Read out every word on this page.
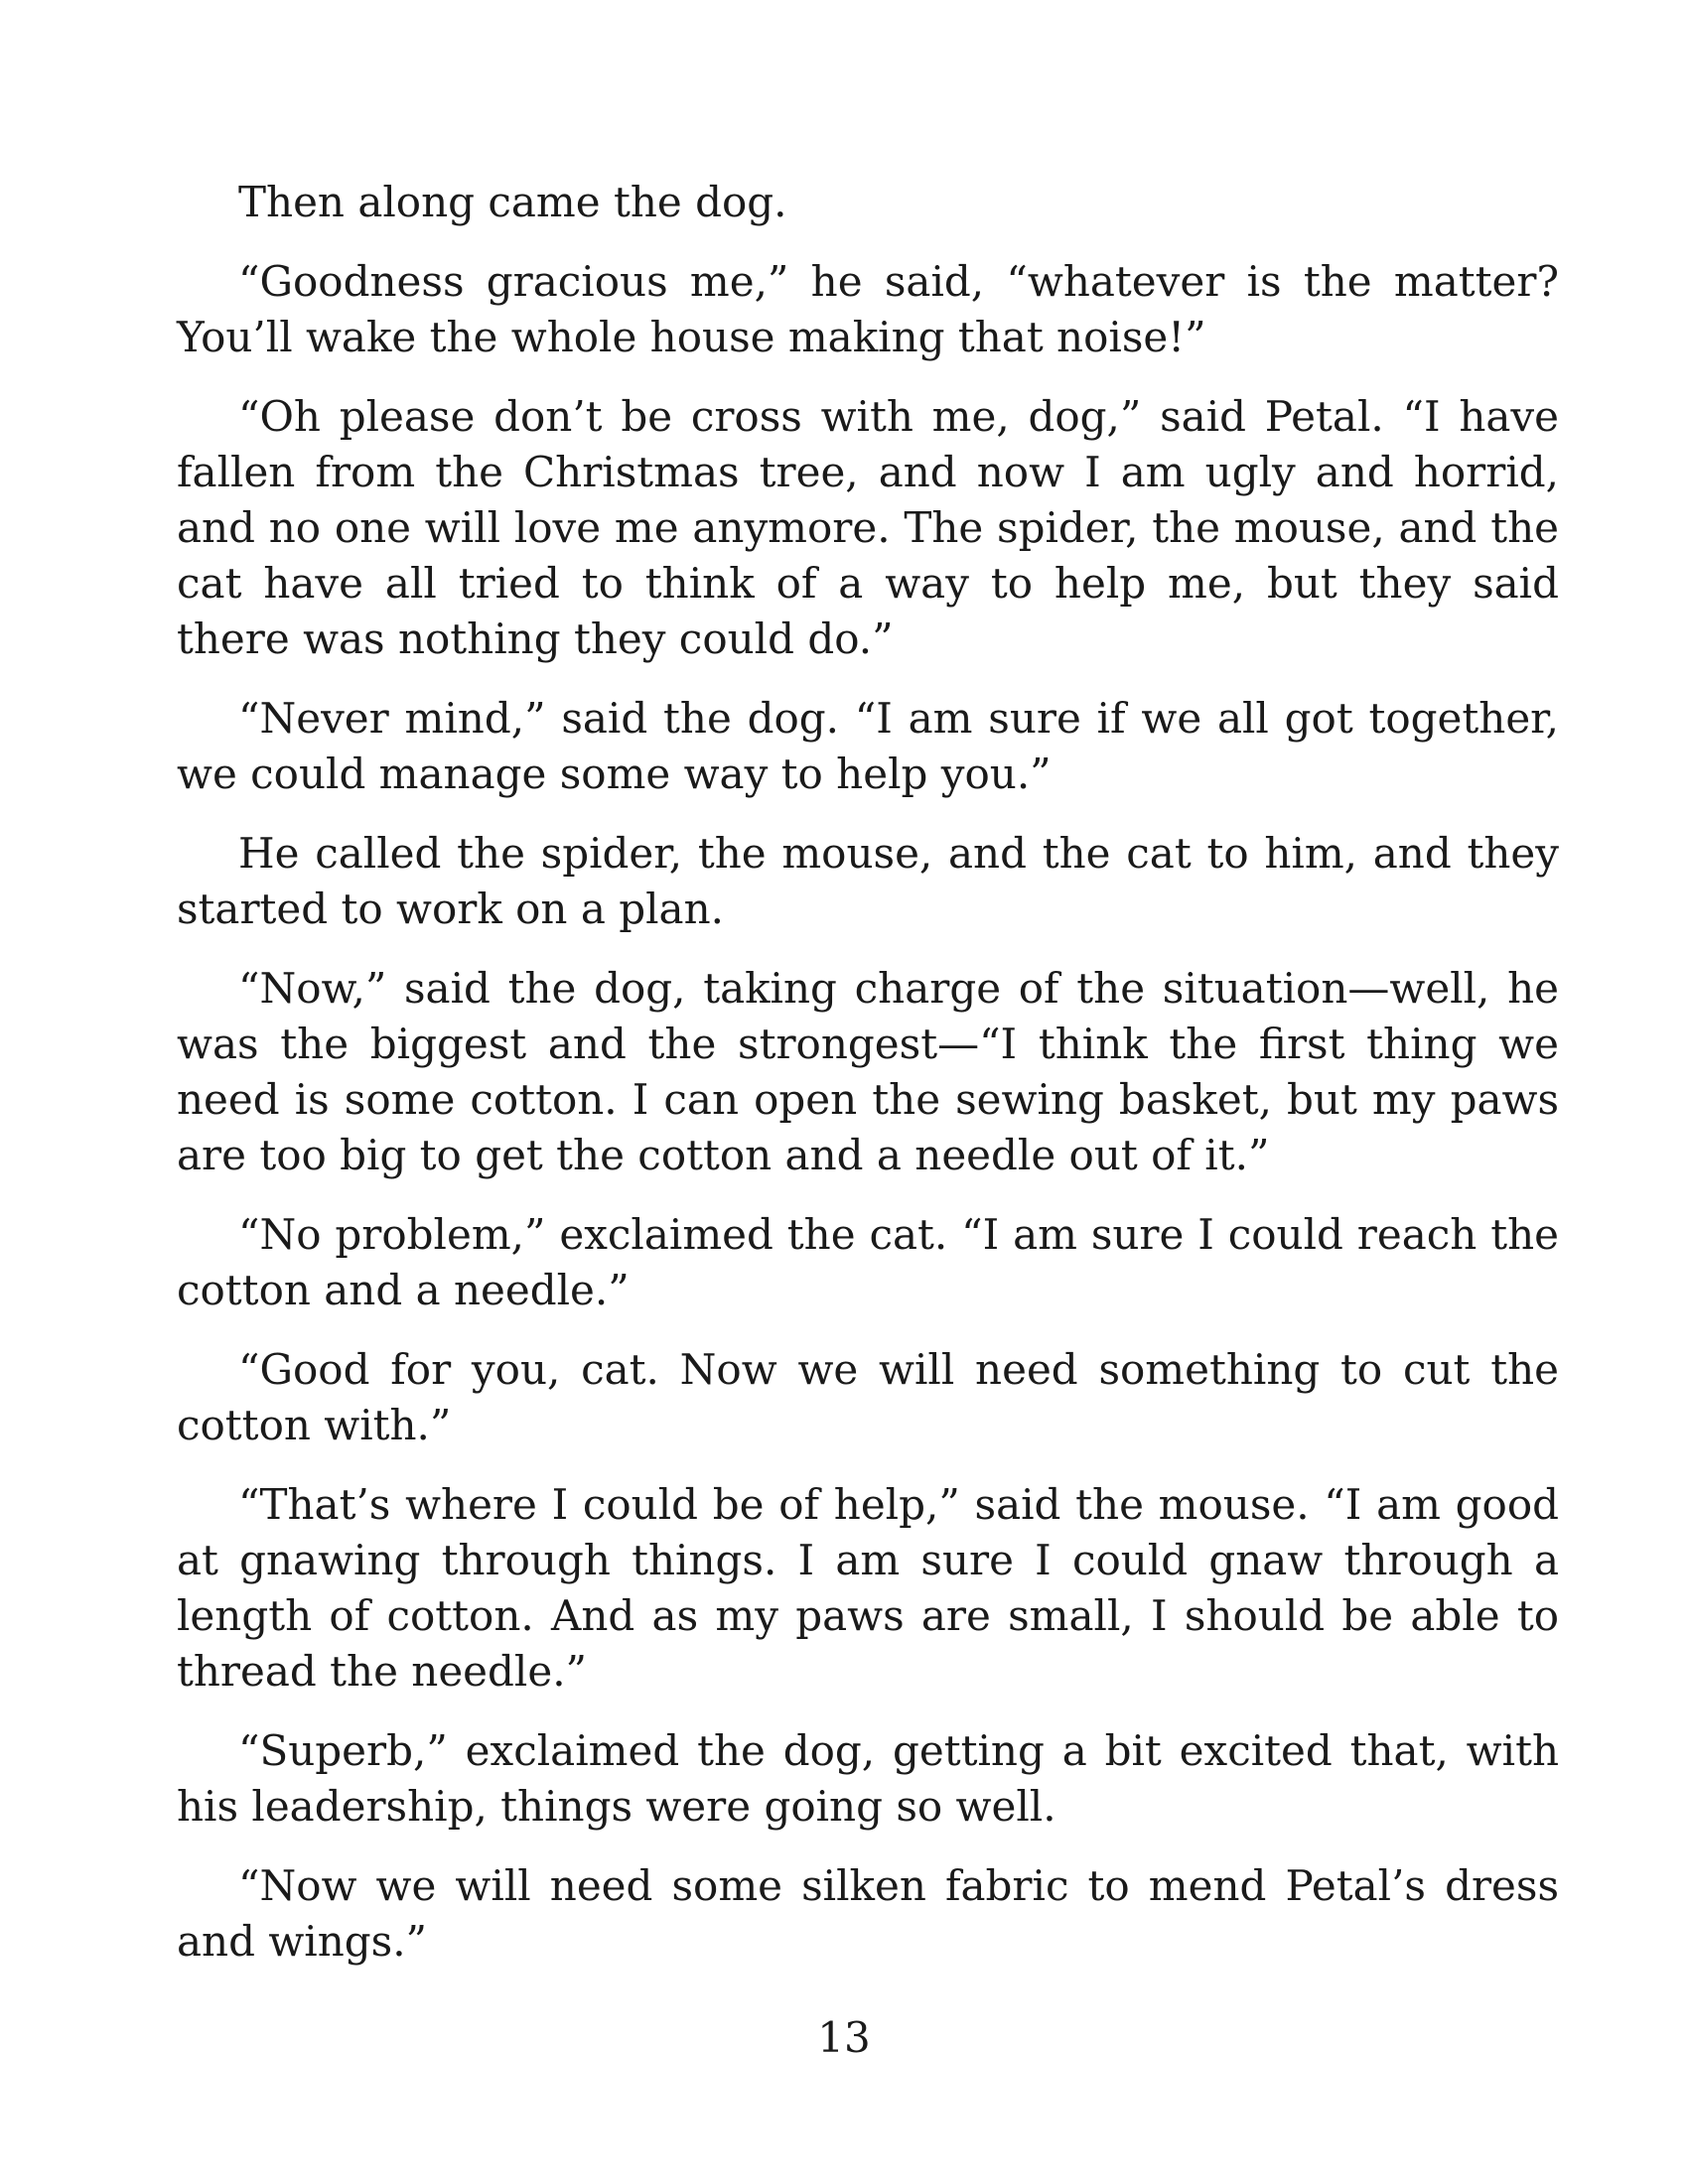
Then along came the dog.

“Goodness gracious me,” he said, “whatever is the matter? You’ll wake the whole house making that noise!”

“Oh please don’t be cross with me, dog,” said Petal. “I have fallen from the Christmas tree, and now I am ugly and horrid, and no one will love me anymore. The spider, the mouse, and the cat have all tried to think of a way to help me, but they said there was nothing they could do.”

“Never mind,” said the dog. “I am sure if we all got together, we could manage some way to help you.”

He called the spider, the mouse, and the cat to him, and they started to work on a plan.

“Now,” said the dog, taking charge of the situation—well, he was the biggest and the strongest—“I think the first thing we need is some cotton. I can open the sewing basket, but my paws are too big to get the cotton and a needle out of it.”

“No problem,” exclaimed the cat. “I am sure I could reach the cotton and a needle.”

“Good for you, cat. Now we will need something to cut the cotton with.”

“That’s where I could be of help,” said the mouse. “I am good at gnawing through things. I am sure I could gnaw through a length of cotton. And as my paws are small, I should be able to thread the needle.”

“Superb,” exclaimed the dog, getting a bit excited that, with his leadership, things were going so well.

“Now we will need some silken fabric to mend Petal’s dress and wings.”

13
